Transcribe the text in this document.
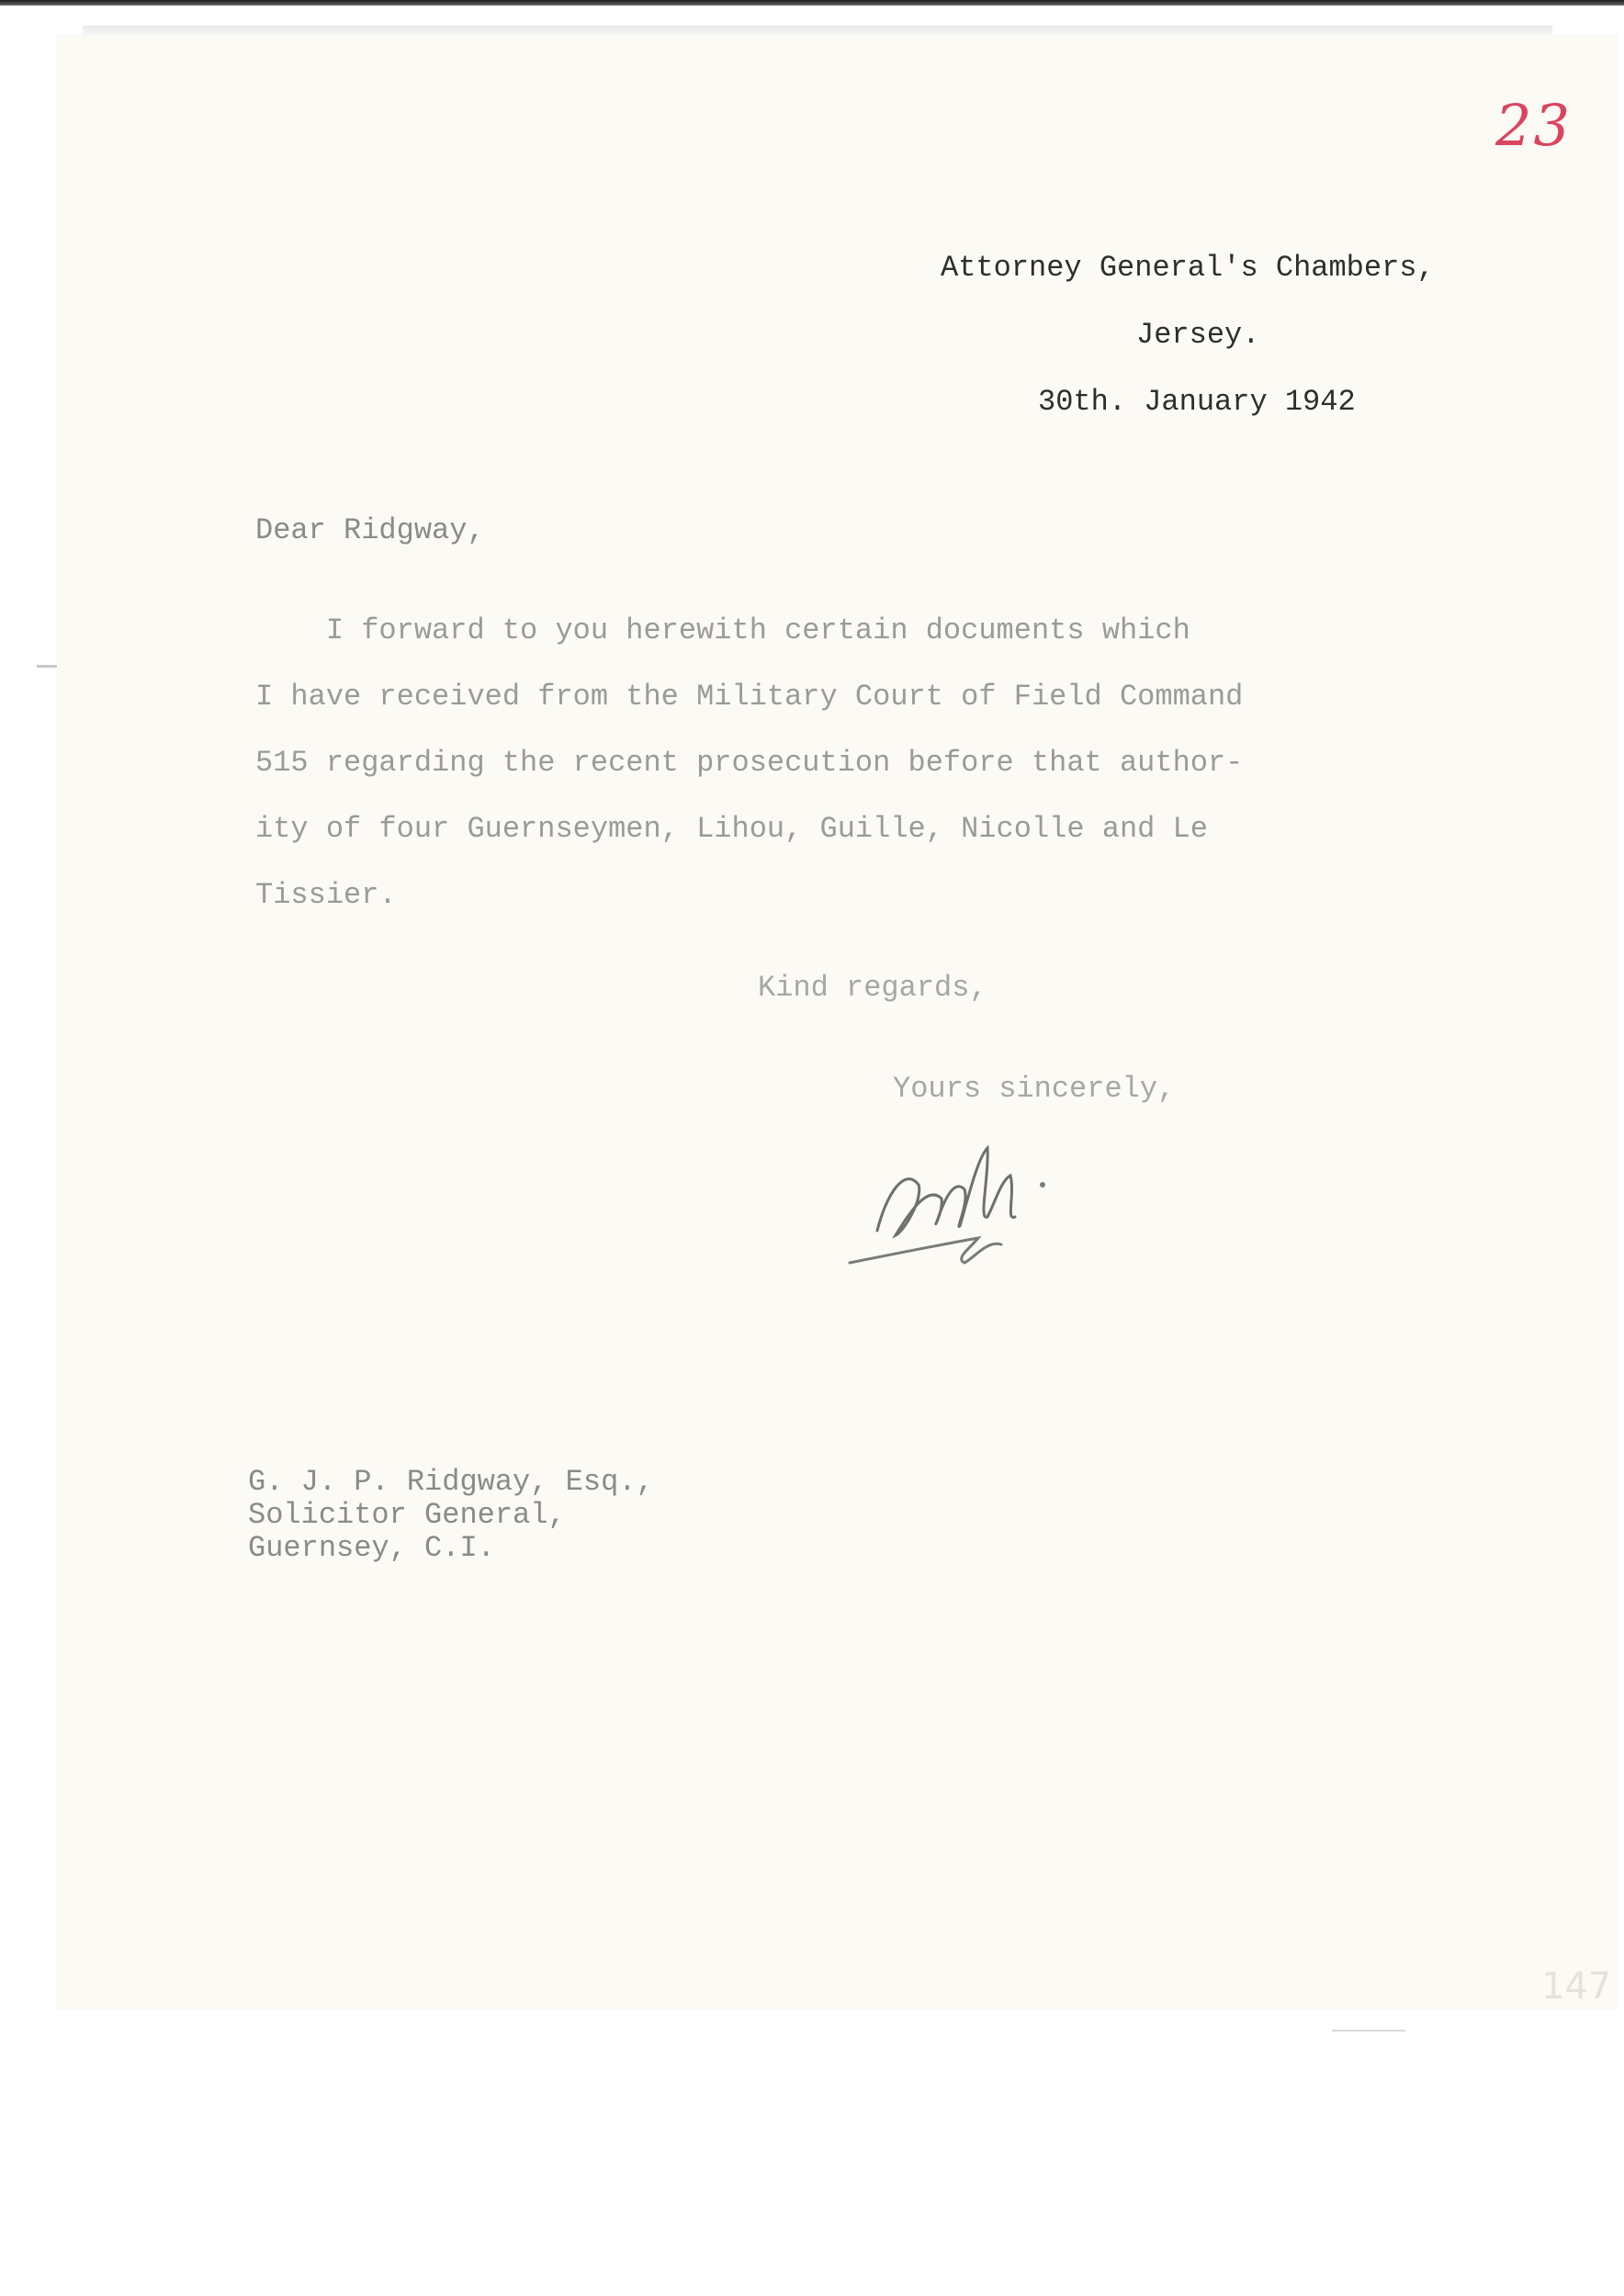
23
147
Attorney General's Chambers,
Jersey.
30th. January 1942
Dear Ridgway,
I forward to you herewith certain documents which
I have received from the Military Court of Field Command
515 regarding the recent prosecution before that author-
ity of four Guernseymen, Lihou, Guille, Nicolle and Le
Tissier.
Kind regards,
Yours sincerely,
G. J. P. Ridgway, Esq.,
Solicitor General,
Guernsey, C.I.
